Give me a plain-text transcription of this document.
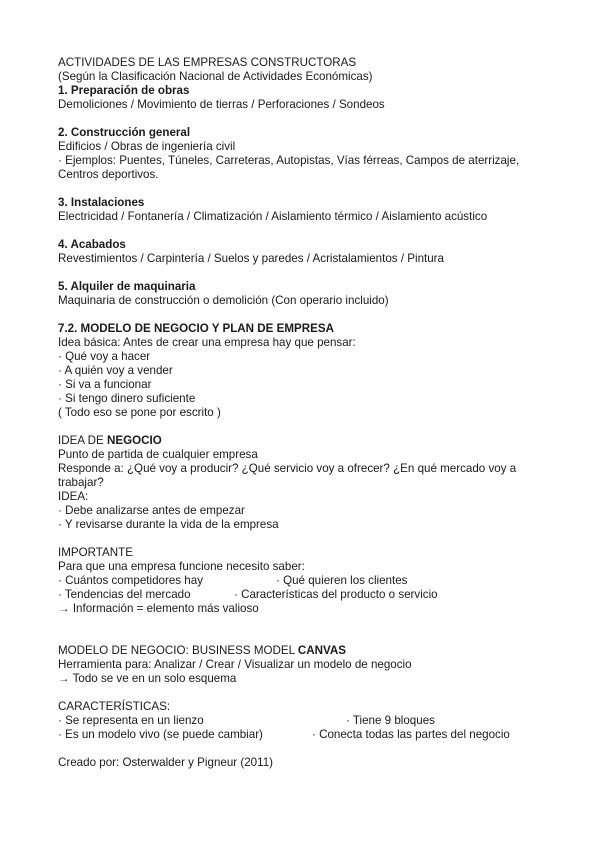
ACTIVIDADES DE LAS EMPRESAS CONSTRUCTORAS

(Según la Clasificación Nacional de Actividades Económicas)

1. Preparación de obras

Demoliciones / Movimiento de tierras / Perforaciones / Sondeos

2. Construcción general

Edificios / Obras de ingeniería civil

· Ejemplos: Puentes, Túneles, Carreteras, Autopistas, Vías férreas, Campos de aterrizaje,

Centros deportivos.

3. Instalaciones

Electricidad / Fontanería / Climatización / Aislamiento térmico / Aislamiento acústico

4. Acabados

Revestimientos / Carpintería / Suelos y paredes / Acristalamientos / Pintura

5. Alquiler de maquinaria

Maquinaria de construcción o demolición (Con operario incluido)

7.2. MODELO DE NEGOCIO Y PLAN DE EMPRESA

Idea básica: Antes de crear una empresa hay que pensar:

· Qué voy a hacer

· A quién voy a vender

· Si va a funcionar

· Si tengo dinero suficiente

( Todo eso se pone por escrito )

IDEA DE NEGOCIO

Punto de partida de cualquier empresa

Responde a: ¿Qué voy a producir? ¿Qué servicio voy a ofrecer? ¿En qué mercado voy a

trabajar?

IDEA:

· Debe analizarse antes de empezar

· Y revisarse durante la vida de la empresa

IMPORTANTE

Para que una empresa funcione necesito saber:

· Cuántos competidores hay	· Qué quieren los clientes

· Tendencias del mercado	· Características del producto o servicio

→ Información = elemento más valioso

MODELO DE NEGOCIO: BUSINESS MODEL CANVAS

Herramienta para: Analizar / Crear / Visualizar un modelo de negocio

→ Todo se ve en un solo esquema

CARACTERÍSTICAS:

· Se representa en un lienzo	· Tiene 9 bloques

· Es un modelo vivo (se puede cambiar)	· Conecta todas las partes del negocio

Creado por: Osterwalder y Pigneur (2011)
